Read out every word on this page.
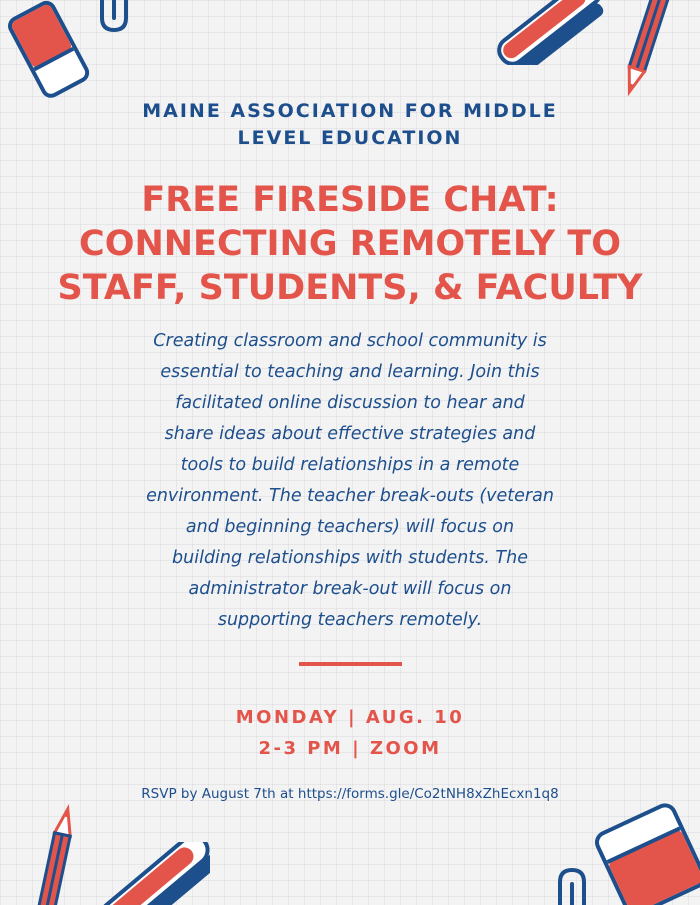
MAINE ASSOCIATION FOR MIDDLE
LEVEL EDUCATION
FREE FIRESIDE CHAT:
CONNECTING REMOTELY TO
STAFF, STUDENTS, & FACULTY
Creating classroom and school community is
essential to teaching and learning. Join this
facilitated online discussion to hear and
share ideas about effective strategies and
tools to build relationships in a remote
environment. The teacher break-outs (veteran
and beginning teachers) will focus on
building relationships with students. The
administrator break-out will focus on
supporting teachers remotely.
MONDAY | AUG. 10
2-3 PM | ZOOM
RSVP by August 7th at https://forms.gle/Co2tNH8xZhEcxn1q8
